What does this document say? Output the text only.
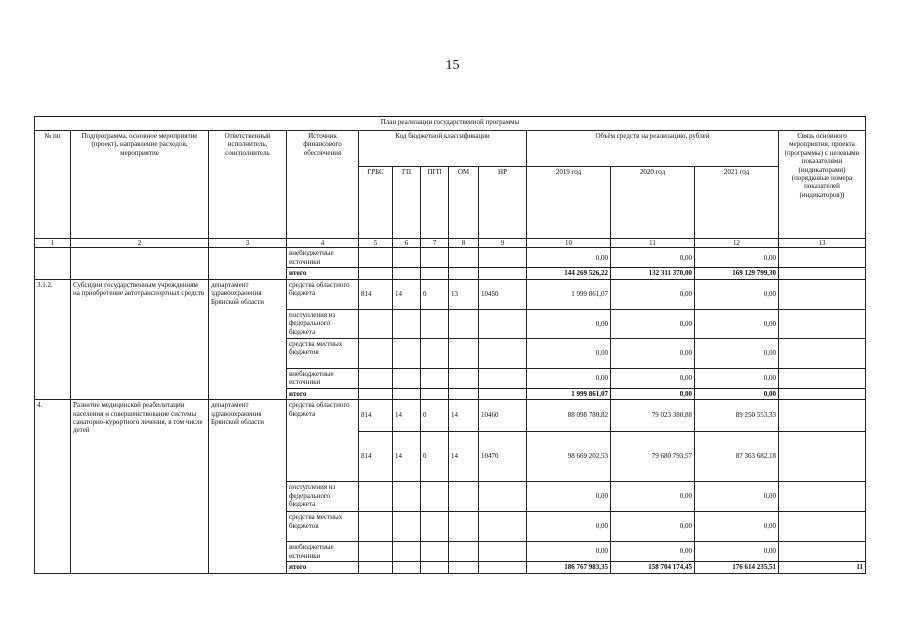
15
План реализации государственной программы												
№ пп	Подпрограмма, основное мероприятие (проект), направление расходов, мероприятие	Ответственный исполнитель, соисполнитель	Источник финансового обеспечения	Код бюджетной классификации					Объём средств на реализацию, рублей			Связь основного мероприятия, проекта (программы) с целевыми показателями (индикаторами) (порядковые номера показателей (индикаторов))
				ГРБС	ГП	ПГП	ОМ	НР	2019 год	2020 год	2021 год	
1	2	3	4	5	6	7	8	9	10	11	12	13
			внебюджетные источники						0,00	0,00	0,00	
			итого						144 269 526,22	132 311 370,00	169 129 799,30	
3.1.2.	Субсидии государственным учреждениям на приобретение автотранспортных средств	департамент здравоохранения Брянской области	средства областного бюджета	814	14	0	13	10450	1 999 861,07	0,00	0,00	
			поступления из федерального бюджета						0,00	0,00	0,00	
			средства местных бюджетов						0,00	0,00	0,00	
			внебюджетные источники						0,00	0,00	0,00	
			итого						1 999 861,07	0,00	0,00	
4.	Развитие медицинской реабилитации населения и совершенствование системы санаторно-курортного лечения, в том числе детей	департамент здравоохранения Брянской области	средства областного бюджета	814	14	0	14	10460	88 098 780,82	79 023 380,88	89 250 553,33	
				814	14	0	14	10470	98 669 202,53	79 680 793,57	87 363 682,18	
			поступления из федерального бюджета						0,00	0,00	0,00	
			средства местных бюджетов						0,00	0,00	0,00	
			внебюджетные источники						0,00	0,00	0,00	
			итого						186 767 983,35	158 704 174,45	176 614 235,51	11
